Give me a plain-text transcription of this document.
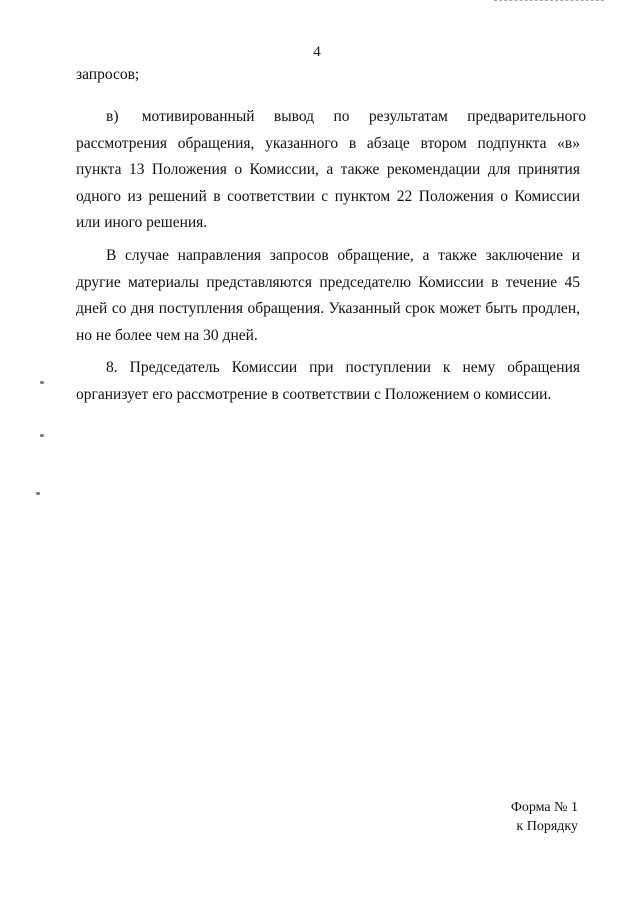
4
запросов;
в)      мотивированный     вывод     по     результатам     предварительного
рассмотрения обращения, указанного в абзаце втором подпункта «в» пункта 13 Положения о Комиссии, а также рекомендации для принятия одного из решений в соответствии с пунктом 22 Положения о Комиссии или иного решения.
В случае направления запросов обращение, а также заключение и другие материалы представляются председателю Комиссии в течение 45 дней со дня поступления обращения. Указанный срок может быть продлен, но не более чем на 30 дней.
8. Председатель Комиссии при поступлении к нему обращения организует его рассмотрение в соответствии с Положением о комиссии.
Форма № 1
к Порядку
